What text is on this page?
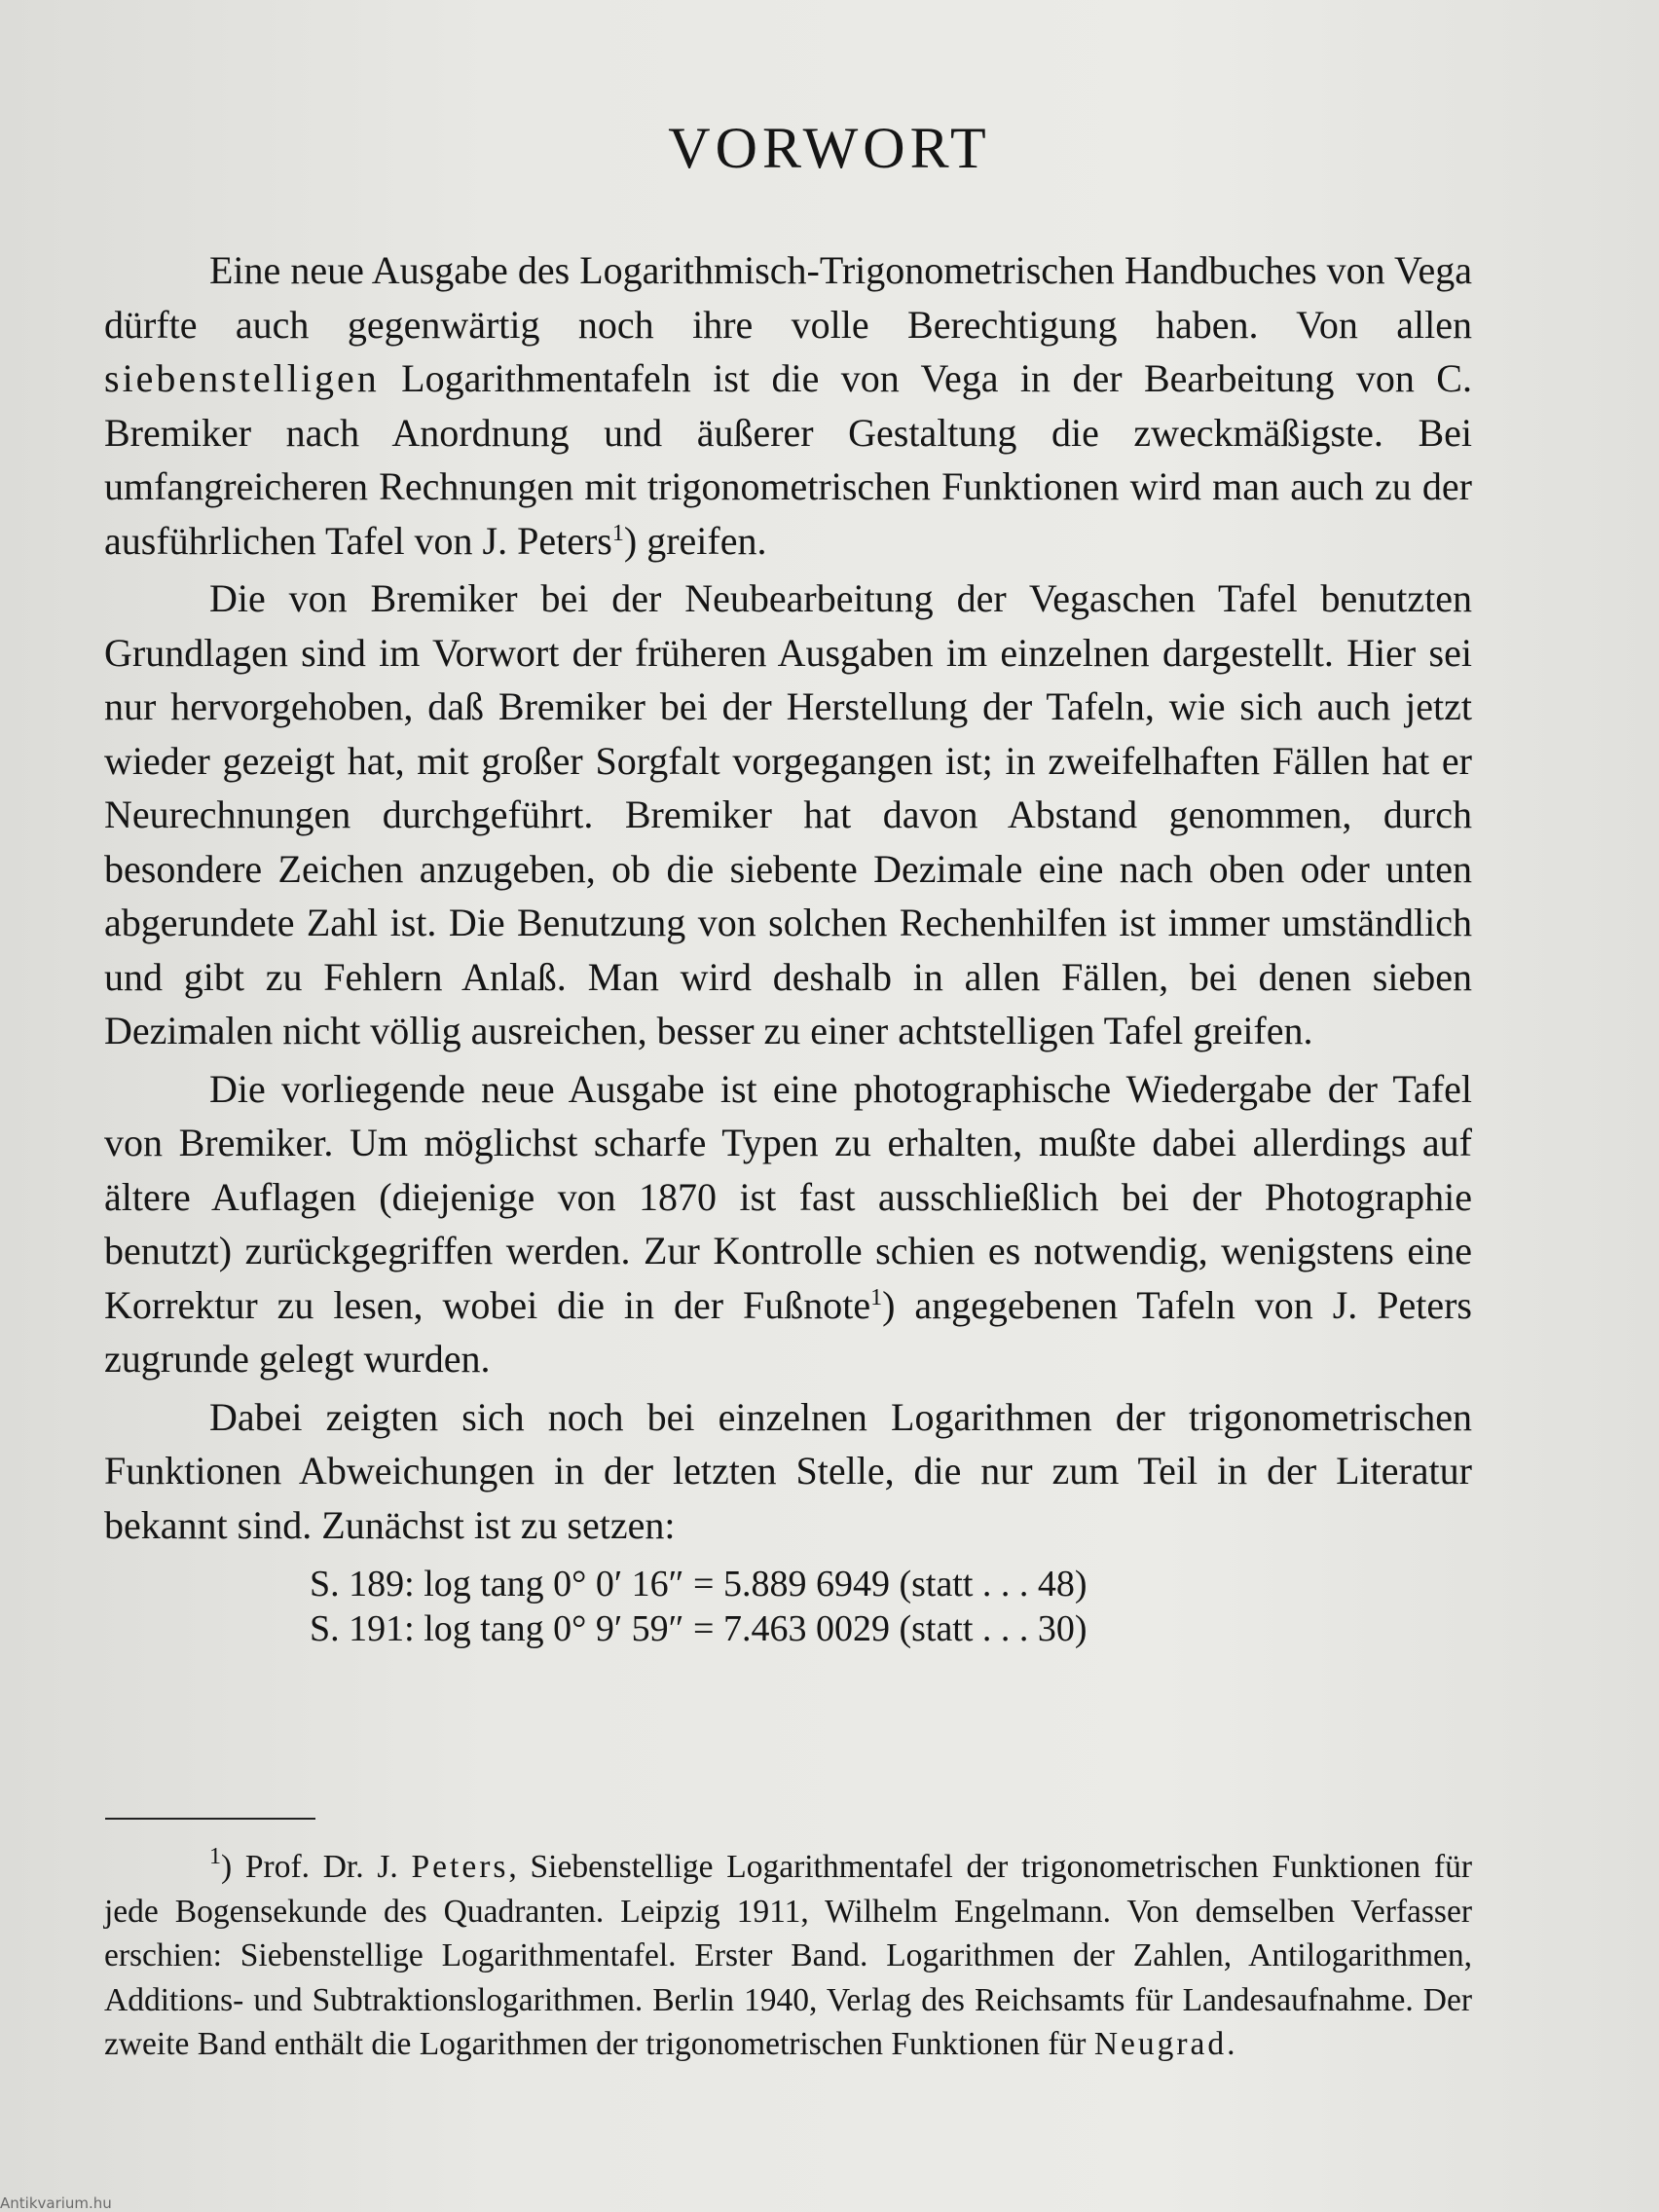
VORWORT

Eine neue Ausgabe des Logarithmisch-Trigonometrischen Handbuches von Vega dürfte auch gegenwärtig noch ihre volle Berechtigung haben. Von allen siebenstelligen Logarithmentafeln ist die von Vega in der Bearbeitung von C. Bremiker nach Anordnung und äußerer Gestaltung die zweckmäßigste. Bei umfangreicheren Rechnungen mit trigonometrischen Funktionen wird man auch zu der ausführlichen Tafel von J. Peters$^1$) greifen.

Die von Bremiker bei der Neubearbeitung der Vegaschen Tafel benutzten Grundlagen sind im Vorwort der früheren Ausgaben im einzelnen dargestellt. Hier sei nur hervorgehoben, daß Bremiker bei der Herstellung der Tafeln, wie sich auch jetzt wieder gezeigt hat, mit großer Sorgfalt vorgegangen ist; in zweifelhaften Fällen hat er Neurechnungen durchgeführt. Bremiker hat davon Abstand genommen, durch besondere Zeichen anzugeben, ob die siebente Dezimale eine nach oben oder unten abgerundete Zahl ist. Die Benutzung von solchen Rechenhilfen ist immer umständlich und gibt zu Fehlern Anlaß. Man wird deshalb in allen Fällen, bei denen sieben Dezimalen nicht völlig ausreichen, besser zu einer achtstelligen Tafel greifen.

Die vorliegende neue Ausgabe ist eine photographische Wiedergabe der Tafel von Bremiker. Um möglichst scharfe Typen zu erhalten, mußte dabei allerdings auf ältere Auflagen (diejenige von 1870 ist fast ausschließlich bei der Photographie benutzt) zurückgegriffen werden. Zur Kontrolle schien es notwendig, wenigstens eine Korrektur zu lesen, wobei die in der Fußnote$^1$) angegebenen Tafeln von J. Peters zugrunde gelegt wurden.

Dabei zeigten sich noch bei einzelnen Logarithmen der trigonometrischen Funktionen Abweichungen in der letzten Stelle, die nur zum Teil in der Literatur bekannt sind. Zunächst ist zu setzen:

S. 189: log tang 0° 0′ 16″ = 5.889 6949 (statt . . . 48)
S. 191: log tang 0° 9′ 59″ = 7.463 0029 (statt . . . 30)

$^1$) Prof. Dr. J. Peters, Siebenstellige Logarithmentafel der trigonometrischen Funktionen für jede Bogensekunde des Quadranten. Leipzig 1911, Wilhelm Engelmann. Von demselben Verfasser erschien: Siebenstellige Logarithmentafel. Erster Band. Logarithmen der Zahlen, Antilogarithmen, Additions- und Subtraktionslogarithmen. Berlin 1940, Verlag des Reichsamts für Landesaufnahme. Der zweite Band enthält die Logarithmen der trigonometrischen Funktionen für Neugrad.

Antikvarium.hu
